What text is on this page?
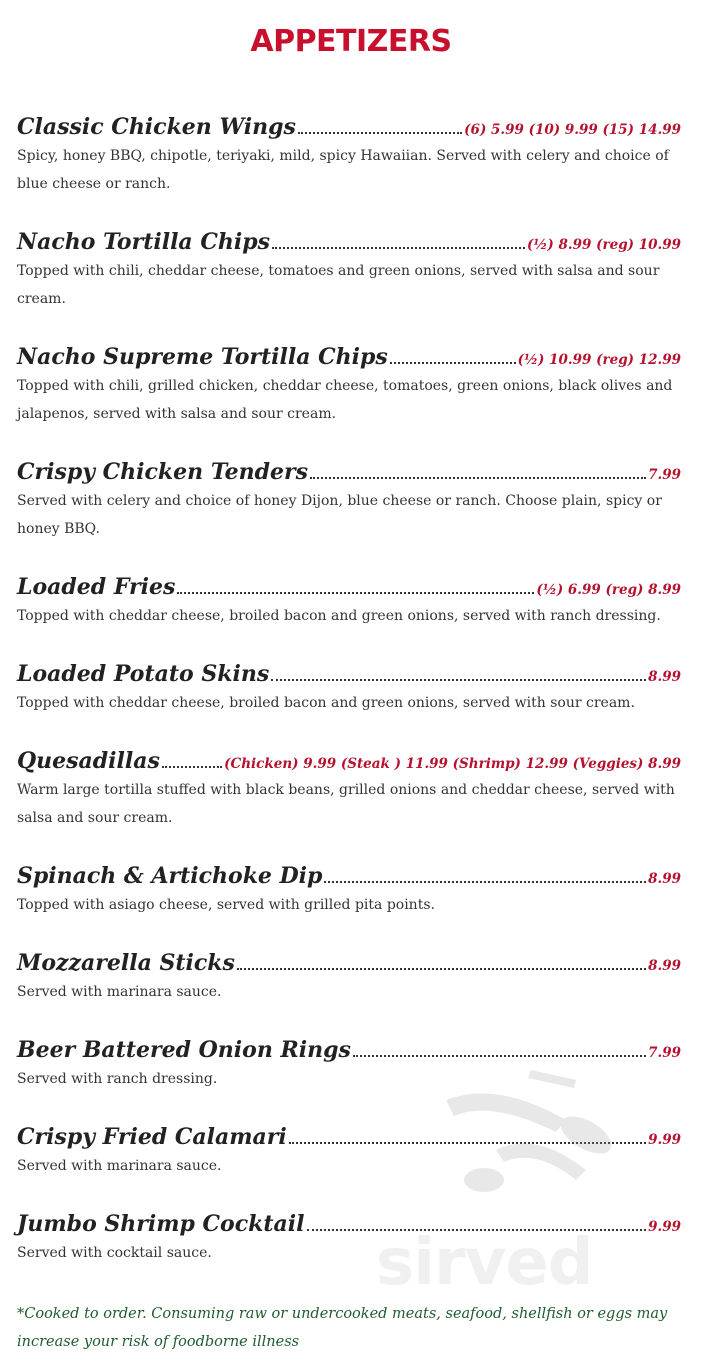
APPETIZERS
Classic Chicken Wings	(6) 5.99 (10) 9.99 (15) 14.99
Spicy, honey BBQ, chipotle, teriyaki, mild, spicy Hawaiian. Served with celery and choice of blue cheese or ranch.
Nacho Tortilla Chips	(½) 8.99 (reg) 10.99
Topped with chili, cheddar cheese, tomatoes and green onions, served with salsa and sour cream.
Nacho Supreme Tortilla Chips	(½) 10.99 (reg) 12.99
Topped with chili, grilled chicken, cheddar cheese, tomatoes, green onions, black olives and jalapenos, served with salsa and sour cream.
Crispy Chicken Tenders	7.99
Served with celery and choice of honey Dijon, blue cheese or ranch. Choose plain, spicy or honey BBQ.
Loaded Fries	(½) 6.99 (reg) 8.99
Topped with cheddar cheese, broiled bacon and green onions, served with ranch dressing.
Loaded Potato Skins	8.99
Topped with cheddar cheese, broiled bacon and green onions, served with sour cream.
Quesadillas	(Chicken) 9.99 (Steak ) 11.99 (Shrimp) 12.99 (Veggies) 8.99
Warm large tortilla stuffed with black beans, grilled onions and cheddar cheese, served with salsa and sour cream.
Spinach & Artichoke Dip	8.99
Topped with asiago cheese, served with grilled pita points.
Mozzarella Sticks	8.99
Served with marinara sauce.
Beer Battered Onion Rings	7.99
Served with ranch dressing.
Crispy Fried Calamari	9.99
Served with marinara sauce.
Jumbo Shrimp Cocktail	9.99
Served with cocktail sauce.
*Cooked to order. Consuming raw or undercooked meats, seafood, shellfish or eggs may increase your risk of foodborne illness
sirved
